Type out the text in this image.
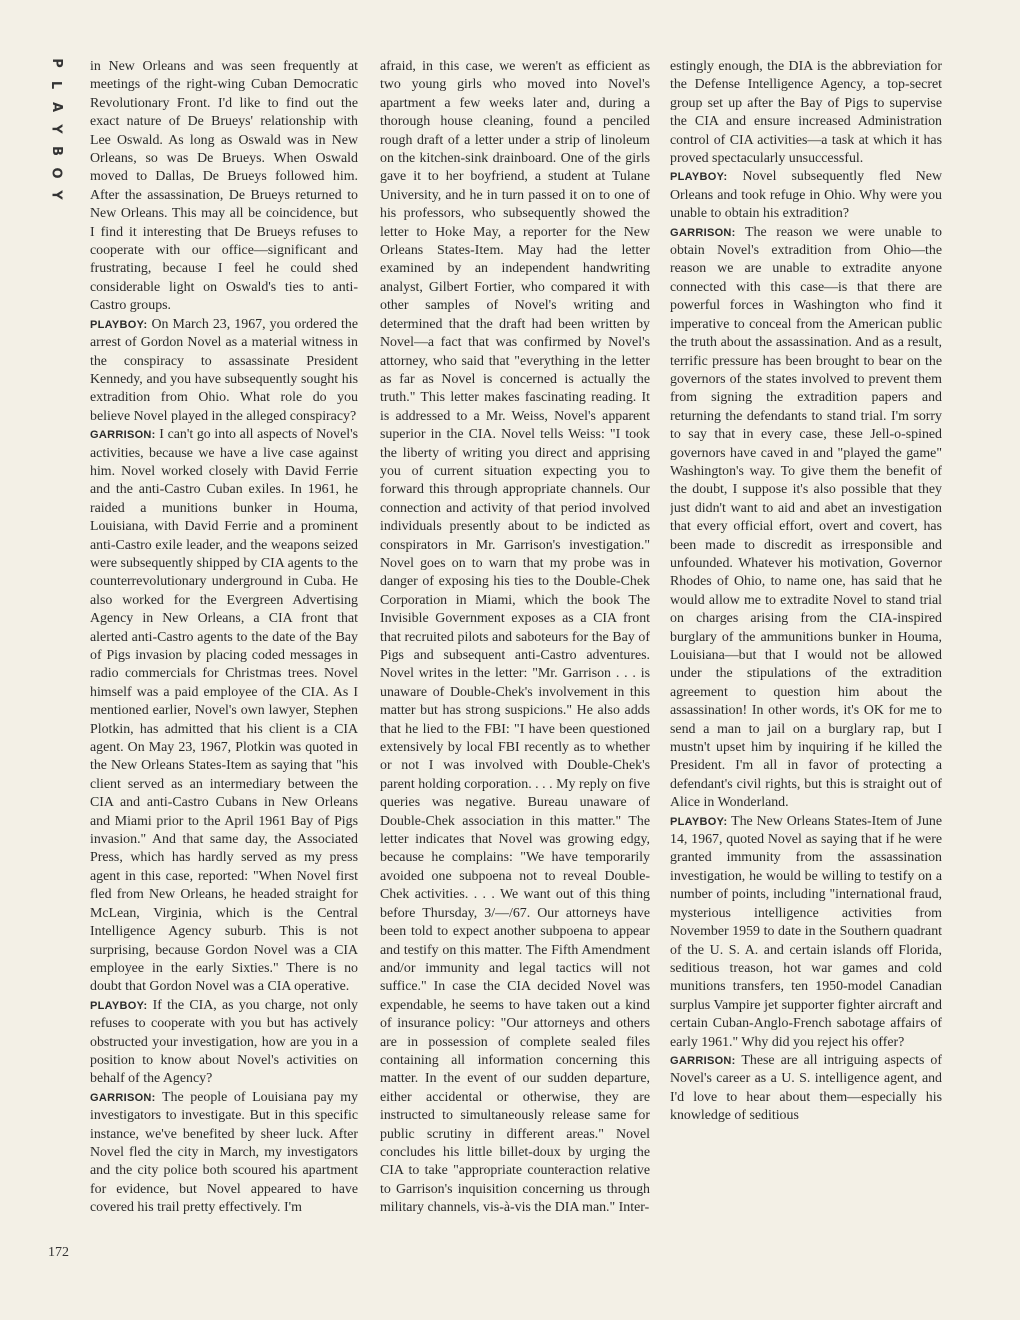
P
L
A
Y
B
O
Y
172

in New Orleans and was seen frequently at meetings of the right-wing Cuban Democratic Revolutionary Front. I'd like to find out the exact nature of De Brueys' relationship with Lee Oswald. As long as Oswald was in New Orleans, so was De Brueys. When Oswald moved to Dallas, De Brueys followed him. After the assassination, De Brueys returned to New Orleans. This may all be coincidence, but I find it interesting that De Brueys refuses to cooperate with our office—significant and frustrating, because I feel he could shed considerable light on Oswald's ties to anti-Castro groups.

PLAYBOY: On March 23, 1967, you ordered the arrest of Gordon Novel as a material witness in the conspiracy to assassinate President Kennedy, and you have subsequently sought his extradition from Ohio. What role do you believe Novel played in the alleged conspiracy?

GARRISON: I can't go into all aspects of Novel's activities, because we have a live case against him. Novel worked closely with David Ferrie and the anti-Castro Cuban exiles. In 1961, he raided a munitions bunker in Houma, Louisiana, with David Ferrie and a prominent anti-Castro exile leader, and the weapons seized were subsequently shipped by CIA agents to the counterrevolutionary underground in Cuba. He also worked for the Evergreen Advertising Agency in New Orleans, a CIA front that alerted anti-Castro agents to the date of the Bay of Pigs invasion by placing coded messages in radio commercials for Christmas trees. Novel himself was a paid employee of the CIA. As I mentioned earlier, Novel's own lawyer, Stephen Plotkin, has admitted that his client is a CIA agent. On May 23, 1967, Plotkin was quoted in the New Orleans States-Item as saying that "his client served as an intermediary between the CIA and anti-Castro Cubans in New Orleans and Miami prior to the April 1961 Bay of Pigs invasion." And that same day, the Associated Press, which has hardly served as my press agent in this case, reported: "When Novel first fled from New Orleans, he headed straight for McLean, Virginia, which is the Central Intelligence Agency suburb. This is not surprising, because Gordon Novel was a CIA employee in the early Sixties." There is no doubt that Gordon Novel was a CIA operative.

PLAYBOY: If the CIA, as you charge, not only refuses to cooperate with you but has actively obstructed your investigation, how are you in a position to know about Novel's activities on behalf of the Agency?

GARRISON: The people of Louisiana pay my investigators to investigate. But in this specific instance, we've benefited by sheer luck. After Novel fled the city in March, my investigators and the city police both scoured his apartment for evidence, but Novel appeared to have covered his trail pretty effectively. I'm

afraid, in this case, we weren't as efficient as two young girls who moved into Novel's apartment a few weeks later and, during a thorough house cleaning, found a penciled rough draft of a letter under a strip of linoleum on the kitchen-sink drainboard. One of the girls gave it to her boyfriend, a student at Tulane University, and he in turn passed it on to one of his professors, who subsequently showed the letter to Hoke May, a reporter for the New Orleans States-Item. May had the letter examined by an independent handwriting analyst, Gilbert Fortier, who compared it with other samples of Novel's writing and determined that the draft had been written by Novel—a fact that was confirmed by Novel's attorney, who said that "everything in the letter as far as Novel is concerned is actually the truth." This letter makes fascinating reading. It is addressed to a Mr. Weiss, Novel's apparent superior in the CIA. Novel tells Weiss: "I took the liberty of writing you direct and apprising you of current situation expecting you to forward this through appropriate channels. Our connection and activity of that period involved individuals presently about to be indicted as conspirators in Mr. Garrison's investigation." Novel goes on to warn that my probe was in danger of exposing his ties to the Double-Chek Corporation in Miami, which the book The Invisible Government exposes as a CIA front that recruited pilots and saboteurs for the Bay of Pigs and subsequent anti-Castro adventures. Novel writes in the letter: "Mr. Garrison . . . is unaware of Double-Chek's involvement in this matter but has strong suspicions." He also adds that he lied to the FBI: "I have been questioned extensively by local FBI recently as to whether or not I was involved with Double-Chek's parent holding corporation. . . . My reply on five queries was negative. Bureau unaware of Double-Chek association in this matter." The letter indicates that Novel was growing edgy, because he complains: "We have temporarily avoided one subpoena not to reveal Double-Chek activities. . . . We want out of this thing before Thursday, 3/—/67. Our attorneys have been told to expect another subpoena to appear and testify on this matter. The Fifth Amendment and/or immunity and legal tactics will not suffice." In case the CIA decided Novel was expendable, he seems to have taken out a kind of insurance policy: "Our attorneys and others are in possession of complete sealed files containing all information concerning this matter. In the event of our sudden departure, either accidental or otherwise, they are instructed to simultaneously release same for public scrutiny in different areas." Novel concludes his little billet-doux by urging the CIA to take "appropriate counteraction relative to Garrison's inquisition concerning us through military channels, vis-à-vis the DIA man." Inter-

estingly enough, the DIA is the abbreviation for the Defense Intelligence Agency, a top-secret group set up after the Bay of Pigs to supervise the CIA and ensure increased Administration control of CIA activities—a task at which it has proved spectacularly unsuccessful.

PLAYBOY: Novel subsequently fled New Orleans and took refuge in Ohio. Why were you unable to obtain his extradition?

GARRISON: The reason we were unable to obtain Novel's extradition from Ohio—the reason we are unable to extradite anyone connected with this case—is that there are powerful forces in Washington who find it imperative to conceal from the American public the truth about the assassination. And as a result, terrific pressure has been brought to bear on the governors of the states involved to prevent them from signing the extradition papers and returning the defendants to stand trial. I'm sorry to say that in every case, these Jell-o-spined governors have caved in and "played the game" Washington's way. To give them the benefit of the doubt, I suppose it's also possible that they just didn't want to aid and abet an investigation that every official effort, overt and covert, has been made to discredit as irresponsible and unfounded. Whatever his motivation, Governor Rhodes of Ohio, to name one, has said that he would allow me to extradite Novel to stand trial on charges arising from the CIA-inspired burglary of the ammunitions bunker in Houma, Louisiana—but that I would not be allowed under the stipulations of the extradition agreement to question him about the assassination! In other words, it's OK for me to send a man to jail on a burglary rap, but I mustn't upset him by inquiring if he killed the President. I'm all in favor of protecting a defendant's civil rights, but this is straight out of Alice in Wonderland.

PLAYBOY: The New Orleans States-Item of June 14, 1967, quoted Novel as saying that if he were granted immunity from the assassination investigation, he would be willing to testify on a number of points, including "international fraud, mysterious intelligence activities from November 1959 to date in the Southern quadrant of the U. S. A. and certain islands off Florida, seditious treason, hot war games and cold munitions transfers, ten 1950-model Canadian surplus Vampire jet supporter fighter aircraft and certain Cuban-Anglo-French sabotage affairs of early 1961." Why did you reject his offer?

GARRISON: These are all intriguing aspects of Novel's career as a U. S. intelligence agent, and I'd love to hear about them—especially his knowledge of seditious
